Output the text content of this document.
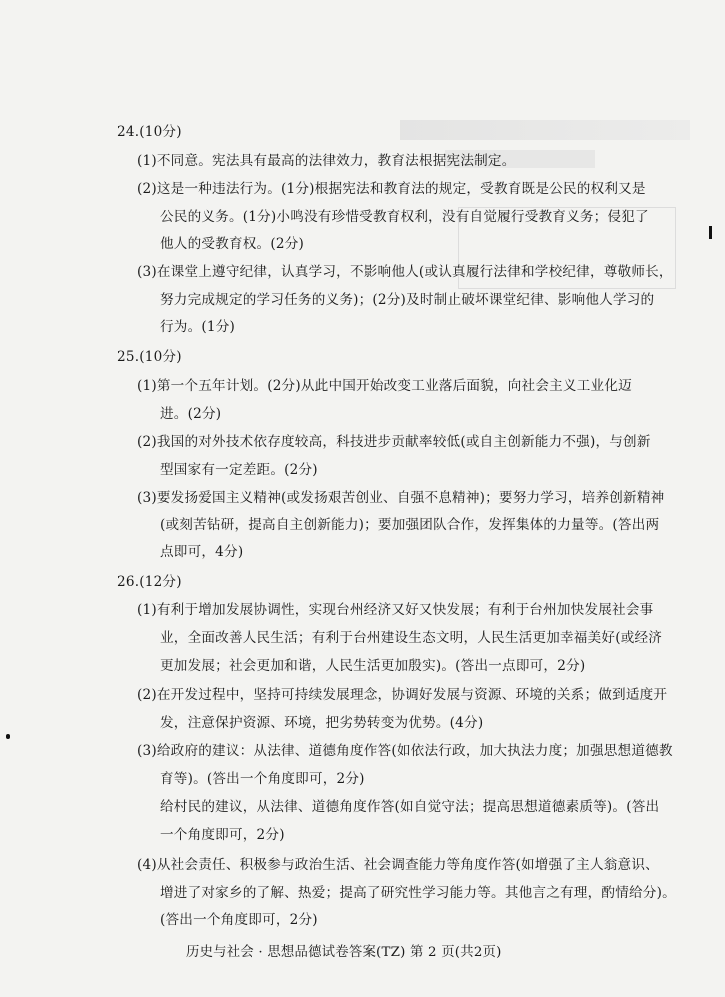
24.(10分)
(1)不同意。宪法具有最高的法律效力，教育法根据宪法制定。
(2)这是一种违法行为。(1分)根据宪法和教育法的规定，受教育既是公民的权利又是
公民的义务。(1分)小鸣没有珍惜受教育权利，没有自觉履行受教育义务；侵犯了
他人的受教育权。(2分)
(3)在课堂上遵守纪律，认真学习，不影响他人(或认真履行法律和学校纪律，尊敬师长，
努力完成规定的学习任务的义务)；(2分)及时制止破坏课堂纪律、影响他人学习的
行为。(1分)
25.(10分)
(1)第一个五年计划。(2分)从此中国开始改变工业落后面貌，向社会主义工业化迈
进。(2分)
(2)我国的对外技术依存度较高，科技进步贡献率较低(或自主创新能力不强)，与创新
型国家有一定差距。(2分)
(3)要发扬爱国主义精神(或发扬艰苦创业、自强不息精神)；要努力学习，培养创新精神
(或刻苦钻研，提高自主创新能力)；要加强团队合作，发挥集体的力量等。(答出两
点即可，4分)
26.(12分)
(1)有利于增加发展协调性，实现台州经济又好又快发展；有利于台州加快发展社会事
业，全面改善人民生活；有利于台州建设生态文明，人民生活更加幸福美好(或经济
更加发展；社会更加和谐，人民生活更加殷实)。(答出一点即可，2分)
(2)在开发过程中，坚持可持续发展理念，协调好发展与资源、环境的关系；做到适度开
发，注意保护资源、环境，把劣势转变为优势。(4分)
(3)给政府的建议：从法律、道德角度作答(如依法行政，加大执法力度；加强思想道德教
育等)。(答出一个角度即可，2分)
给村民的建议，从法律、道德角度作答(如自觉守法；提高思想道德素质等)。(答出
一个角度即可，2分)
(4)从社会责任、积极参与政治生活、社会调查能力等角度作答(如增强了主人翁意识、
增进了对家乡的了解、热爱；提高了研究性学习能力等。其他言之有理，酌情给分)。
(答出一个角度即可，2分)
历史与社会 · 思想品德试卷答案(TZ) 第 2 页(共2页)
